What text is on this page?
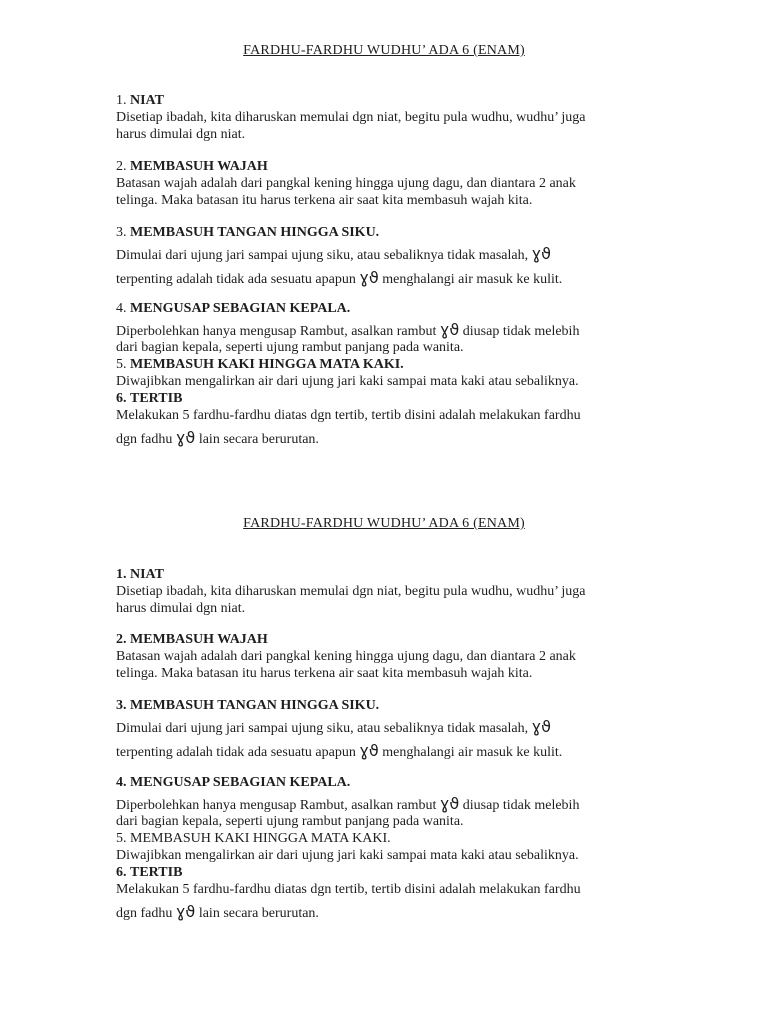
FARDHU-FARDHU WUDHU’ ADA 6 (ENAM)
1. NIAT
Disetiap ibadah, kita diharuskan memulai dgn niat, begitu pula wudhu, wudhu’ juga
harus dimulai dgn niat.
2. MEMBASUH WAJAH
Batasan wajah adalah dari pangkal kening hingga ujung dagu, dan diantara 2 anak
telinga. Maka batasan itu harus terkena air saat kita membasuh wajah kita.
3. MEMBASUH TANGAN HINGGA SIKU.
Dimulai dari ujung jari sampai ujung siku, atau sebaliknya tidak masalah, ɣϑ
terpenting adalah tidak ada sesuatu apapun ɣϑ menghalangi air masuk ke kulit.
4. MENGUSAP SEBAGIAN KEPALA.
Diperbolehkan hanya mengusap Rambut, asalkan rambut ɣϑ diusap tidak melebih
dari bagian kepala, seperti ujung rambut panjang pada wanita.
5. MEMBASUH KAKI HINGGA MATA KAKI.
Diwajibkan mengalirkan air dari ujung jari kaki sampai mata kaki atau sebaliknya.
6. TERTIB
Melakukan 5 fardhu-fardhu diatas dgn tertib, tertib disini adalah melakukan fardhu
dgn fadhu ɣϑ lain secara berurutan.
FARDHU-FARDHU WUDHU’ ADA 6 (ENAM)
1. NIAT
Disetiap ibadah, kita diharuskan memulai dgn niat, begitu pula wudhu, wudhu’ juga
harus dimulai dgn niat.
2. MEMBASUH WAJAH
Batasan wajah adalah dari pangkal kening hingga ujung dagu, dan diantara 2 anak
telinga. Maka batasan itu harus terkena air saat kita membasuh wajah kita.
3. MEMBASUH TANGAN HINGGA SIKU.
Dimulai dari ujung jari sampai ujung siku, atau sebaliknya tidak masalah, ɣϑ
terpenting adalah tidak ada sesuatu apapun ɣϑ menghalangi air masuk ke kulit.
4. MENGUSAP SEBAGIAN KEPALA.
Diperbolehkan hanya mengusap Rambut, asalkan rambut ɣϑ diusap tidak melebih
dari bagian kepala, seperti ujung rambut panjang pada wanita.
5. MEMBASUH KAKI HINGGA MATA KAKI.
Diwajibkan mengalirkan air dari ujung jari kaki sampai mata kaki atau sebaliknya.
6. TERTIB
Melakukan 5 fardhu-fardhu diatas dgn tertib, tertib disini adalah melakukan fardhu
dgn fadhu ɣϑ lain secara berurutan.
